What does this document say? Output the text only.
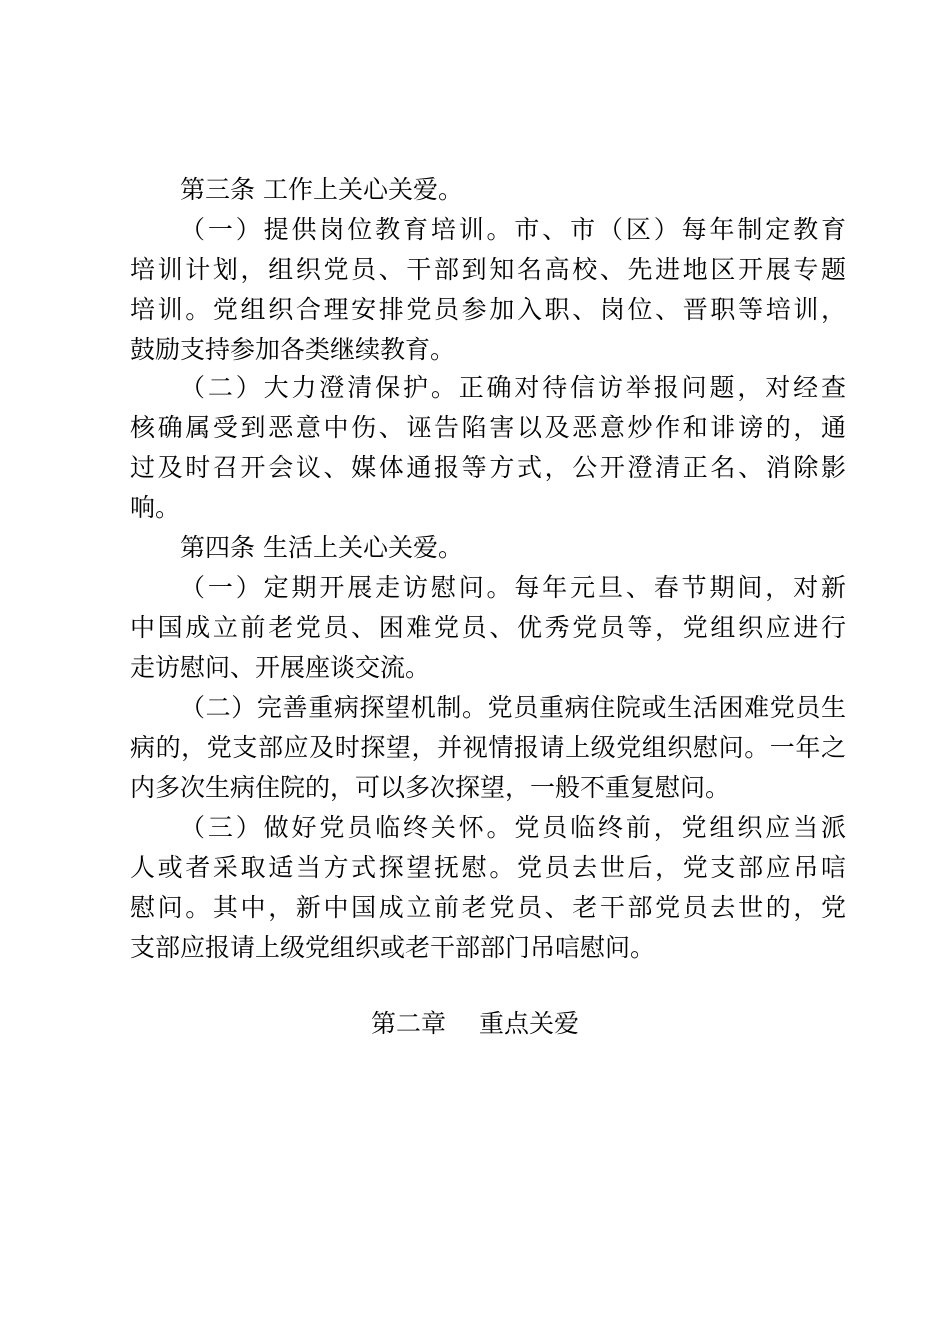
第三条 工作上关心关爱。
（一）提供岗位教育培训。市、市（区）每年制定教育
培训计划，组织党员、干部到知名高校、先进地区开展专题
培训。党组织合理安排党员参加入职、岗位、晋职等培训，
鼓励支持参加各类继续教育。
（二）大力澄清保护。正确对待信访举报问题，对经查
核确属受到恶意中伤、诬告陷害以及恶意炒作和诽谤的，通
过及时召开会议、媒体通报等方式，公开澄清正名、消除影
响。
第四条 生活上关心关爱。
（一）定期开展走访慰问。每年元旦、春节期间，对新
中国成立前老党员、困难党员、优秀党员等，党组织应进行
走访慰问、开展座谈交流。
（二）完善重病探望机制。党员重病住院或生活困难党员生
病的，党支部应及时探望，并视情报请上级党组织慰问。一年之
内多次生病住院的，可以多次探望，一般不重复慰问。
（三）做好党员临终关怀。党员临终前，党组织应当派
人或者采取适当方式探望抚慰。党员去世后，党支部应吊唁
慰问。其中，新中国成立前老党员、老干部党员去世的，党
支部应报请上级党组织或老干部部门吊唁慰问。
第二章　 重点关爱
